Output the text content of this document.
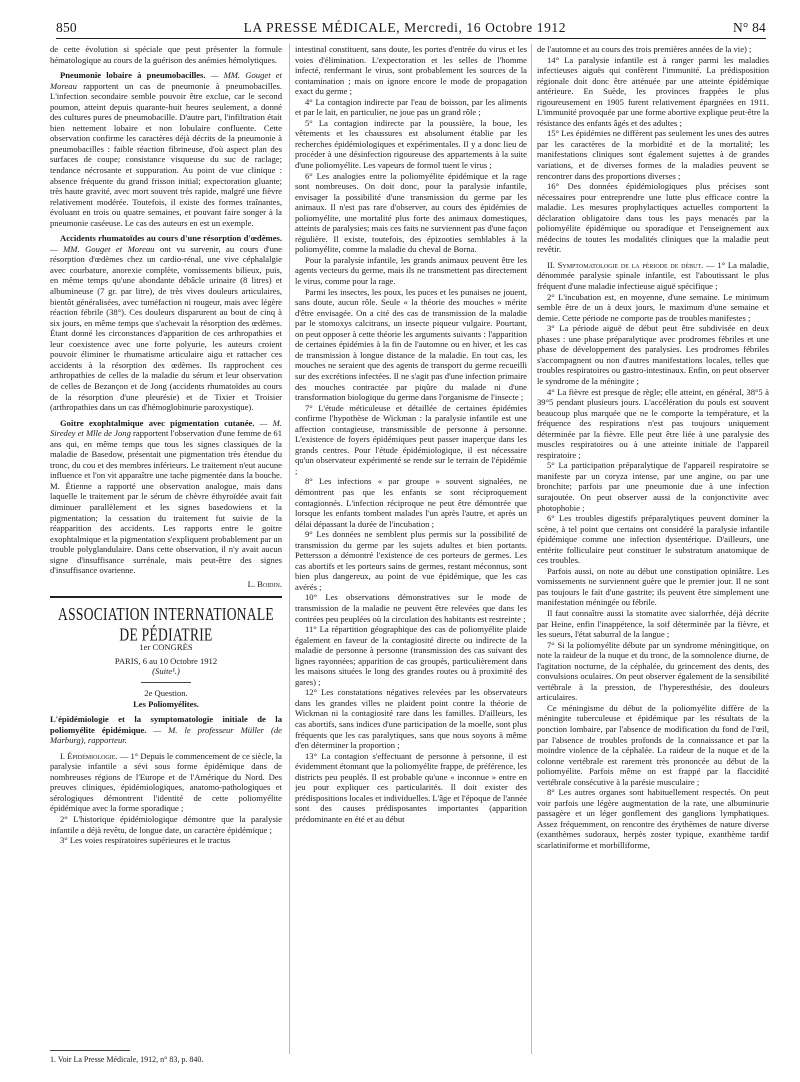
850	LA PRESSE MÉDICALE, Mercredi, 16 Octobre 1912	N° 84

de cette évolution si spéciale que peut présenter la formule hématologique au cours de la guérison des anémies hémolytiques.

Pneumonie lobaire à pneumobacilles. — MM. Gouget et Moreau rapportent un cas de pneumonie à pneumobacilles. L'infection secondaire semble pouvoir être exclue, car le second poumon, atteint depuis quarante-huit heures seulement, a donné des cultures pures de pneumobacille. D'autre part, l'infiltration était bien nettement lobaire et non lobulaire confluente. Cette observation confirme les caractères déjà décrits de la pneumonie à pneumobacilles : faible réaction fibrineuse, d'où aspect plan des surfaces de coupe; consistance visqueuse du suc de raclage; tendance nécrosante et suppuration. Au point de vue clinique : absence fréquente du grand frisson initial; expectoration gluante; très haute gravité, avec mort souvent très rapide, malgré une fièvre relativement modérée. Toutefois, il existe des formes traînantes, évoluant en trois ou quatre semaines, et pouvant faire songer à la pneumonie caséeuse. Le cas des auteurs en est un exemple.

Accidents rhumatoïdes au cours d'une résorption d'œdèmes. — MM. Gouget et Moreau ont vu survenir, au cours d'une résorption d'œdèmes chez un cardio-rénal, une vive céphalalgie avec courbature, anorexie complète, vomissements bilieux, puis, en même temps qu'une abondante débâcle urinaire (8 litres) et albumineuse (7 gr. par litre), de très vives douleurs articulaires, bientôt généralisées, avec tuméfaction ni rougeur, mais avec légère réaction fébrile (38°). Ces douleurs disparurent au bout de cinq à six jours, en même temps que s'achevait la résorption des œdèmes. Étant donné les circonstances d'apparition de ces arthropathies et leur coexistence avec une forte polyurie, les auteurs croient pouvoir éliminer le rhumatisme articulaire aigu et rattacher ces accidents à la résorption des œdèmes. Ils rapprochent ces arthropathies de celles de la maladie du sérum et leur observation de celles de Bezançon et de Jong (accidents rhumatoïdes au cours de la résorption d'une pleurésie) et de Tixier et Troisier (arthropathies dans un cas d'hémoglobinurie paroxystique).

Goitre exophtalmique avec pigmentation cutanée. — M. Siredey et Mlle de Jong rapportent l'observation d'une femme de 61 ans qui, en même temps que tous les signes classiques de la maladie de Basedow, présentait une pigmentation très étendue du tronc, du cou et des membres inférieurs. Le traitement n'eut aucune influence et l'on vit apparaître une tache pigmentée dans la bouche. M. Étienne a rapporté une observation analogue, mais dans laquelle le traitement par le sérum de chèvre éthyroïdée avait fait diminuer parallèlement et les signes basedowiens et la pigmentation; la cessation du traitement fut suivie de la réapparition des accidents. Les rapports entre le goitre exophtalmique et la pigmentation s'expliquent probablement par un trouble polyglandulaire. Dans cette observation, il n'y avait aucun signe d'insuffisance surrénale, mais peut-être des signes d'insuffisance ovarienne.

L. Boidin.
ASSOCIATION INTERNATIONALE DE PÉDIATRIE

1er CONGRÈS

PARIS, 6 au 10 Octobre 1912

(Suite¹.)

2e Question.

Les Poliomyélites.

L'épidémiologie et la symptomatologie initiale de la poliomyélite épidémique. — M. le professeur Müller (de Marburg), rapporteur.

I. Épidémiologie. — 1° Depuis le commencement de ce siècle, la paralysie infantile a sévi sous forme épidémique dans de nombreuses régions de l'Europe et de l'Amérique du Nord. Des preuves cliniques, épidémiologiques, anatomo-pathologiques et sérologiques démontrent l'identité de cette poliomyélite épidémique avec la forme sporadique ;

2° L'historique épidémiologique démontre que la paralysie infantile a déjà revêtu, de longue date, un caractère épidémique ;

3° Les voies respiratoires supérieures et le tractus

1. Voir La Presse Médicale, 1912, n° 83, p. 840.

intestinal constituent, sans doute, les portes d'entrée du virus et les voies d'élimination. L'expectoration et les selles de l'homme infecté, renfermant le virus, sont probablement les sources de la contamination ; mais on ignore encore le mode de propagation exact du germe ;

4° La contagion indirecte par l'eau de boisson, par les aliments et par le lait, en particulier, ne joue pas un grand rôle ;

5° La contagion indirecte par la poussière, la boue, les vêtements et les chaussures est absolument établie par les recherches épidémiologiques et expérimentales. Il y a donc lieu de procéder à une désinfection rigoureuse des appartements à la suite d'une poliomyélite. Les vapeurs de formol tuent le virus ;

6° Les analogies entre la poliomyélite épidémique et la rage sont nombreuses. On doit donc, pour la paralysie infantile, envisager la possibilité d'une transmission du germe par les animaux. Il n'est pas rare d'observer, au cours des épidémies de poliomyélite, une mortalité plus forte des animaux domestiques, atteints de paralysies; mais ces faits ne surviennent pas d'une façon régulière. Il existe, toutefois, des épizooties semblables à la poliomyélite, comme la maladie du cheval de Borna.

Pour la paralysie infantile, les grands animaux peuvent être les agents vecteurs du germe, mais ils ne transmettent pas directement le virus, comme pour la rage.

Parmi les insectes, les poux, les puces et les punaises ne jouent, sans doute, aucun rôle. Seule « la théorie des mouches » mérite d'être envisagée. On a cité des cas de transmission de la maladie par le stomoxys calcitrans, un insecte piqueur vulgaire. Pourtant, on peut opposer à cette théorie les arguments suivants : l'apparition de certaines épidémies à la fin de l'automne ou en hiver, et les cas de transmission à longue distance de la maladie. En tout cas, les mouches ne seraient que des agents de transport du germe recueilli sur des excrétions infectées. Il ne s'agit pas d'une infection primaire des mouches contractée par piqûre du malade ni d'une transformation biologique du germe dans l'organisme de l'insecte ;

7° L'étude méticuleuse et détaillée de certaines épidémies confirme l'hypothèse de Wickman : la paralysie infantile est une affection contagieuse, transmissible de personne à personne. L'existence de foyers épidémiques peut passer inaperçue dans les grands centres. Pour l'étude épidémiologique, il est nécessaire qu'un observateur expérimenté se rende sur le terrain de l'épidémie ;

8° Les infections « par groupe » souvent signalées, ne démontrent pas que les enfants se sont réciproquement contagionnés. L'infection réciproque ne peut être démontrée que lorsque les enfants tombent malades l'un après l'autre, et après un délai dépassant la durée de l'incubation ;

9° Les données ne semblent plus permis sur la possibilité de transmission du germe par les sujets adultes et bien portants. Pettersson a démontré l'existence de ces porteurs de germes. Les cas abortifs et les porteurs sains de germes, restant méconnus, sont bien plus dangereux, au point de vue épidémique, que les cas avérés ;

10° Les observations démonstratives sur le mode de transmission de la maladie ne peuvent être relevées que dans les contrées peu peuplées où la circulation des habitants est restreinte ;

11° La répartition géographique des cas de poliomyélite plaide également en faveur de la contagiosité directe ou indirecte de la maladie de personne à personne (transmission des cas suivant des lignes rayonnées; apparition de cas groupés, particulièrement dans les maisons situées le long des grandes routes ou à proximité des gares) ;

12° Les constatations négatives relevées par les observateurs dans les grandes villes ne plaident point contre la théorie de Wickman ni la contagiosité rare dans les familles. D'ailleurs, les cas abortifs, sans indices d'une participation de la moelle, sont plus fréquents que les cas paralytiques, sans que nous soyons à même d'en déterminer la proportion ;

13° La contagion s'effectuant de personne à personne, il est évidemment étonnant que la poliomyélite frappe, de préférence, les districts peu peuplés. Il est probable qu'une « inconnue » entre en jeu pour expliquer ces particularités. Il doit exister des prédispositions locales et individuelles. L'âge et l'époque de l'année sont des causes prédisposantes importantes (apparition prédominante en été et au début

de l'automne et au cours des trois premières années de la vie) ;

14° La paralysie infantile est à ranger parmi les maladies infectieuses aiguës qui confèrent l'immunité. La prédisposition régionale doit donc être atténuée par une atteinte épidémique antérieure. En Suède, les provinces frappées le plus rigoureusement en 1905 furent relativement épargnées en 1911. L'immunité provoquée par une forme abortive explique peut-être la résistance des enfants âgés et des adultes ;

15° Les épidémies ne diffèrent pas seulement les unes des autres par les caractères de la morbidité et de la mortalité; les manifestations cliniques sont également sujettes à de grandes variations, et de diverses formes de la maladies peuvent se rencontrer dans des proportions diverses ;

16° Des données épidémiologiques plus précises sont nécessaires pour entreprendre une lutte plus efficace contre la maladie. Les mesures prophylactiques actuelles comportent la déclaration obligatoire dans tous les pays menacés par la poliomyélite épidémique ou sporadique et l'enseignement aux médecins de toutes les modalités cliniques que la maladie peut revêtir.

II. Symptomatologie de la période de début. — 1° La maladie, dénommée paralysie spinale infantile, est l'aboutissant le plus fréquent d'une maladie infectieuse aiguë spécifique ;

2° L'incubation est, en moyenne, d'une semaine. Le minimum semble être de un à deux jours, le maximum d'une semaine et demie. Cette période ne comporte pas de troubles manifestes ;

3° La période aiguë de début peut être subdivisée en deux phases : une phase préparalytique avec prodromes fébriles et une phase de développement des paralysies. Les prodromes fébriles s'accompagnent ou non d'autres manifestations locales, telles que troubles respiratoires ou gastro-intestinaux. Enfin, on peut observer le syndrome de la méningite ;

4° La fièvre est presque de règle; elle atteint, en général, 38°5 à 39°5 pendant plusieurs jours. L'accélération du pouls est souvent beaucoup plus marquée que ne le comporte la température, et la fréquence des respirations n'est pas toujours uniquement déterminée par la fièvre. Elle peut être liée à une paralysie des muscles respiratoires ou à une atteinte initiale de l'appareil respiratoire ;

5° La participation préparalytique de l'appareil respiratoire se manifeste par un coryza intense, par une angine, ou par une bronchite; parfois par une pneumonie due à une infection surajoutée. On peut observer aussi de la conjonctivite avec photophobie ;

6° Les troubles digestifs préparalytiques peuvent dominer la scène, à tel point que certains ont considéré la paralysie infantile épidémique comme une infection dysentérique. D'ailleurs, une entérite folliculaire peut constituer le substratum anatomique de ces troubles.

Parfois aussi, on note au début une constipation opiniâtre. Les vomissements ne surviennent guère que le premier jour. Il ne sont pas toujours le fait d'une gastrite; ils peuvent être simplement une manifestation méningée ou fébrile.

Il faut connaître aussi la stomatite avec sialorrhée, déjà décrite par Heine, enfin l'inappétence, la soif déterminée par la fièvre, et les sueurs, l'état saburral de la langue ;

7° Si la poliomyélite débute par un syndrome méningitique, on note la raideur de la nuque et du tronc, de la somnolence diurne, de l'agitation nocturne, de la céphalée, du grincement des dents, des convulsions oculaires. On peut observer également de la sensibilité vertébrale à la pression, de l'hyperesthésie, des douleurs articulaires.

Ce méningisme du début de la poliomyélite diffère de la méningite tuberculeuse et épidémique par les résultats de la ponction lombaire, par l'absence de modification du fond de l'œil, par l'absence de troubles profonds de la connaissance et par la moindre violence de la céphalée. La raideur de la nuque et de la colonne vertébrale est rarement très prononcée au début de la poliomyélite. Parfois même on est frappé par la flaccidité vertébrale consécutive à la parésie musculaire ;

8° Les autres organes sont habituellement respectés. On peut voir parfois une légère augmentation de la rate, une albuminurie passagère et un léger gonflement des ganglions lymphatiques. Assez fréquemment, on rencontre des érythèmes de nature diverse (exanthèmes sudoraux, herpès zoster typique, exanthème tardif scarlatiniforme et morbilliforme,
